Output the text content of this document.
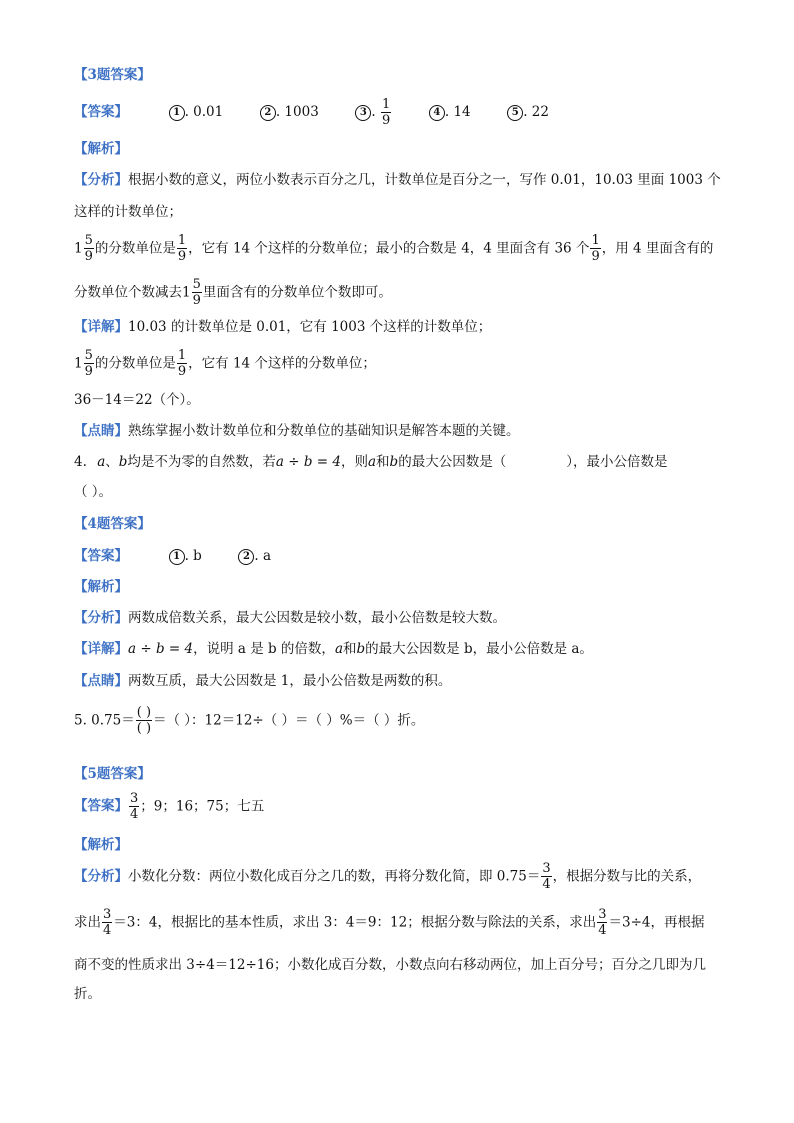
【3题答案】
【答案】	1 . 0.01	2 . 1003	3 . $\frac{1}{9}$	4 . 14	5 . 22
【解析】
【分析】根据小数的意义，两位小数表示百分之几，计数单位是百分之一，写作 0.01，10.03 里面 1003 个
这样的计数单位；
$1 \frac{5}{9}$ 的分数单位是 $\frac{1}{9}$ ，它有 14 个这样的分数单位；最小的合数是 4，4 里面含有 36 个 $\frac{1}{9}$ ，用 4 里面含有的
分数单位个数减去$1 \frac{5}{9}$ 里面含有的分数单位个数即可。
【详解】10.03 的计数单位是 0.01，它有 1003 个这样的计数单位；
$1 \frac{5}{9}$ 的分数单位是 $\frac{1}{9}$ ，它有 14 个这样的分数单位；
36－14＝22（个）。
【点睛】熟练掌握小数计数单位和分数单位的基础知识是解答本题的关键。
4. a、b均是不为零的自然数，若a ÷ b = 4，则a和b的最大公因数是（	），最小公倍数是
（ ）。
【4题答案】
【答案】	1 . b	2 . a
【解析】
【分析】两数成倍数关系，最大公因数是较小数，最小公倍数是较大数。
【详解】a ÷ b = 4，说明 a 是 b 的倍数，a和b的最大公因数是 b，最小公倍数是 a。
【点睛】两数互质，最大公因数是 1，最小公倍数是两数的积。
5. $0.75= \frac{( )}{( )}$ ＝（ ）：12＝12÷（ ）＝（ ）%＝（ ）折。
【5题答案】
【答案】 $\frac{3}{4}$ ；9；16；75；七五
【解析】
【分析】小数化分数：两位小数化成百分之几的数，再将分数化简，即 $0.75= \frac{3}{4}$ ，根据分数与比的关系，
求出 $\frac{3}{4} =3$：4，根据比的基本性质，求出 3：4＝9：12；根据分数与除法的关系，求出 $\frac{3}{4} =3\div 4$，再根据
商不变的性质求出 3÷4＝12÷16；小数化成百分数，小数点向右移动两位，加上百分号；百分之几即为几
折。
